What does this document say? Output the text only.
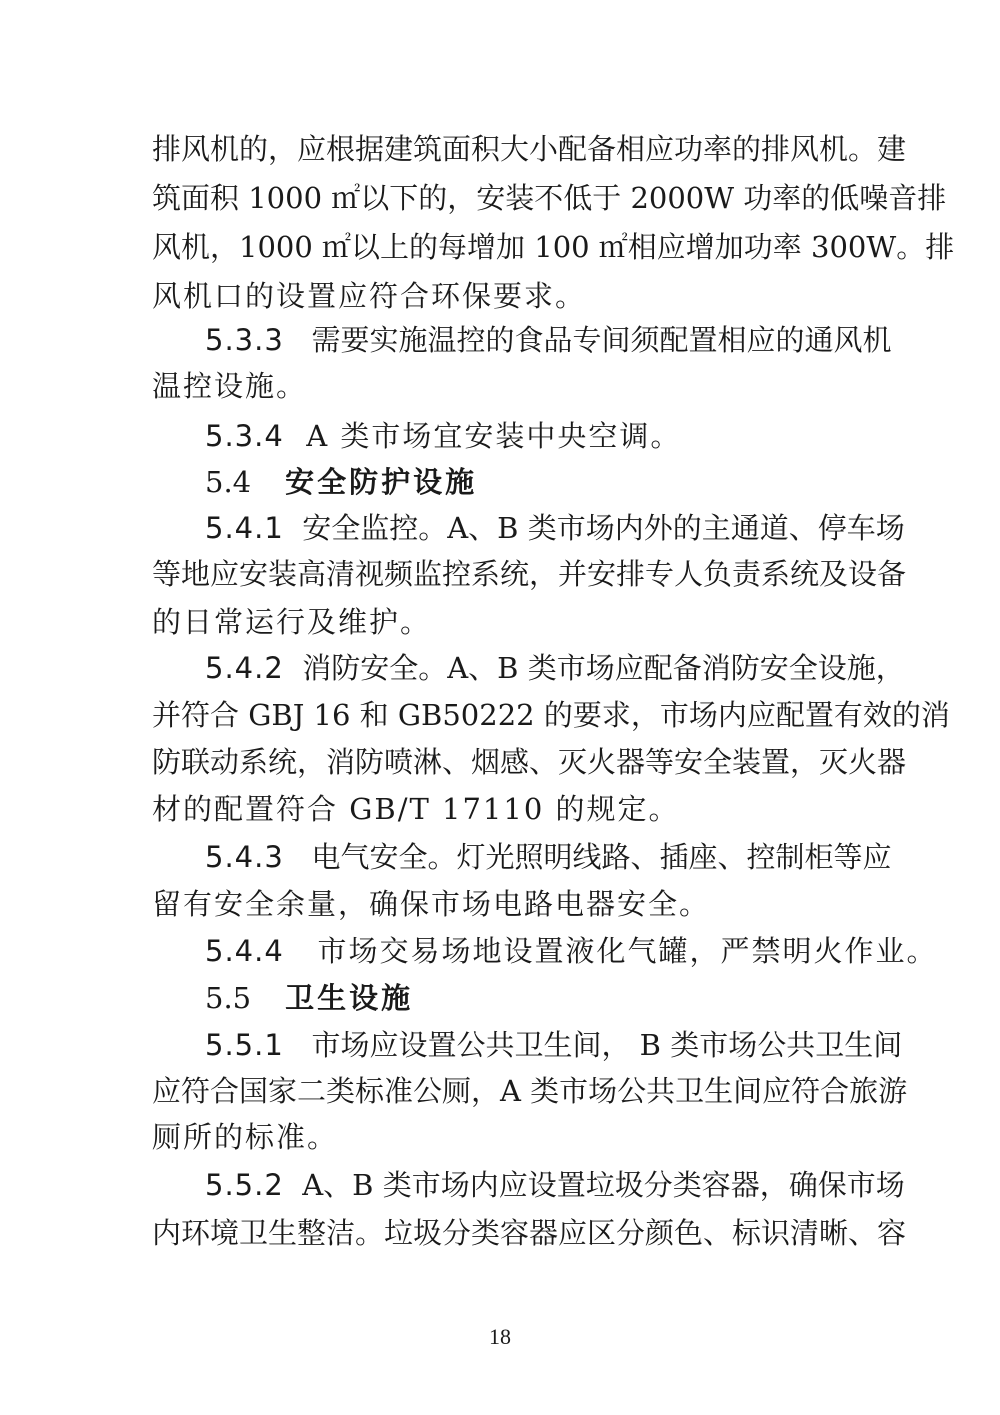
排风机的，应根据建筑面积大小配备相应功率的排风机。建
筑面积 1000 ㎡以下的，安装不低于 2000W 功率的低噪音排
风机，1000 ㎡以上的每增加 100 ㎡相应增加功率 300W。排
风机口的设置应符合环保要求。
5.3.3 需要实施温控的食品专间须配置相应的通风机
温控设施。
5.3.4 A 类市场宜安装中央空调。
5.4 安全防护设施
5.4.1 安全监控。A、B 类市场内外的主通道、停车场
等地应安装高清视频监控系统，并安排专人负责系统及设备
的日常运行及维护。
5.4.2 消防安全。A、B 类市场应配备消防安全设施，
并符合 GBJ 16 和 GB50222 的要求，市场内应配置有效的消
防联动系统，消防喷淋、烟感、灭火器等安全装置，灭火器
材的配置符合 GB/T 17110 的规定。
5.4.3 电气安全。灯光照明线路、插座、控制柜等应
留有安全余量，确保市场电路电器安全。
5.4.4 市场交易场地设置液化气罐，严禁明火作业。
5.5 卫生设施
5.5.1 市场应设置公共卫生间， B 类市场公共卫生间
应符合国家二类标准公厕，A 类市场公共卫生间应符合旅游
厕所的标准。
5.5.2 A、B 类市场内应设置垃圾分类容器，确保市场
内环境卫生整洁。垃圾分类容器应区分颜色、标识清晰、容
18
